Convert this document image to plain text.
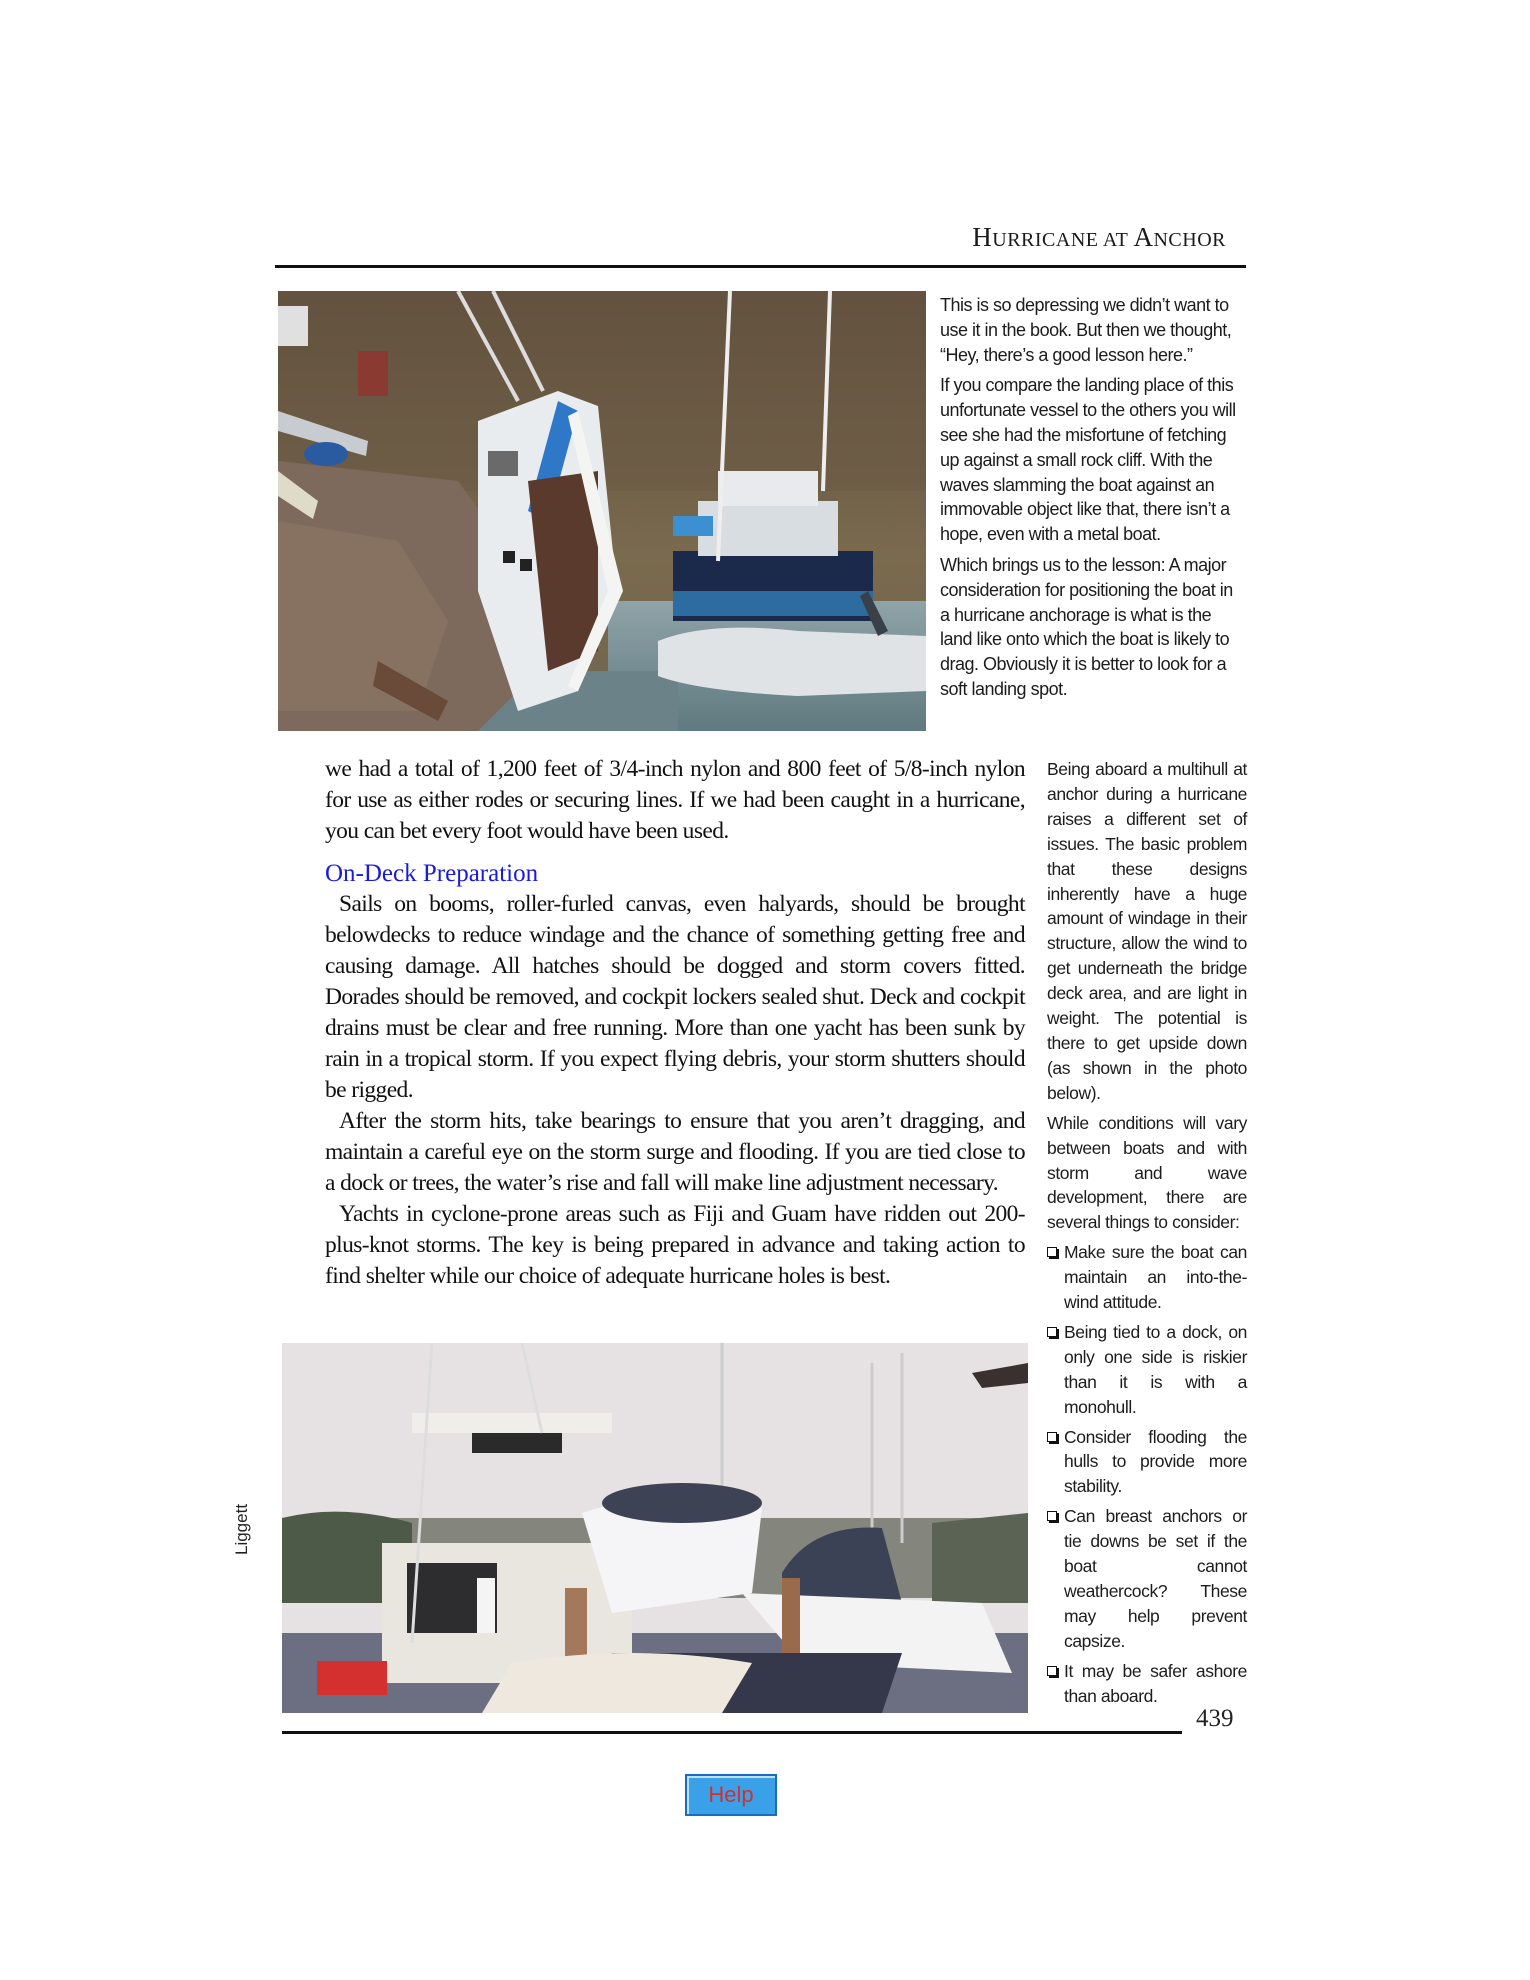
HURRICANE AT ANCHOR

This is so depressing we didn’t want to use it in the book. But then we thought, “Hey, there’s a good lesson here.”

If you compare the landing place of this unfortunate vessel to the others you will see she had the misfortune of fetching up against a small rock cliff. With the waves slamming the boat against an immovable object like that, there isn’t a hope, even with a metal boat.

Which brings us to the lesson: A major consideration for positioning the boat in a hurricane anchorage is what is the land like onto which the boat is likely to drag. Obviously it is better to look for a soft landing spot.

we had a total of 1,200 feet of 3/4-inch nylon and 800 feet of 5/8-inch nylon for use as either rodes or securing lines. If we had been caught in a hurricane, you can bet every foot would have been used.

On-Deck Preparation

Sails on booms, roller-furled canvas, even halyards, should be brought belowdecks to reduce windage and the chance of something getting free and causing damage. All hatches should be dogged and storm covers fitted. Dorades should be removed, and cockpit lockers sealed shut. Deck and cockpit drains must be clear and free running. More than one yacht has been sunk by rain in a tropical storm. If you expect flying debris, your storm shutters should be rigged.

After the storm hits, take bearings to ensure that you aren’t dragging, and maintain a careful eye on the storm surge and flooding. If you are tied close to a dock or trees, the water’s rise and fall will make line adjustment necessary.

Yachts in cyclone-prone areas such as Fiji and Guam have ridden out 200-plus-knot storms. The key is being prepared in advance and taking action to find shelter while our choice of adequate hurricane holes is best.

Being aboard a multihull at anchor during a hurricane raises a different set of issues. The basic problem that these designs inherently have a huge amount of windage in their structure, allow the wind to get underneath the bridge deck area, and are light in weight. The potential is there to get upside down (as shown in the photo below).

While conditions will vary between boats and with storm and wave development, there are several things to consider:

Make sure the boat can maintain an into-the-wind attitude.
Being tied to a dock, on only one side is riskier than it is with a monohull.
Consider flooding the hulls to provide more stability.
Can breast anchors or tie downs be set if the boat cannot weathercock? These may help prevent capsize.
It may be safer ashore than aboard.
Liggett
439
Help
